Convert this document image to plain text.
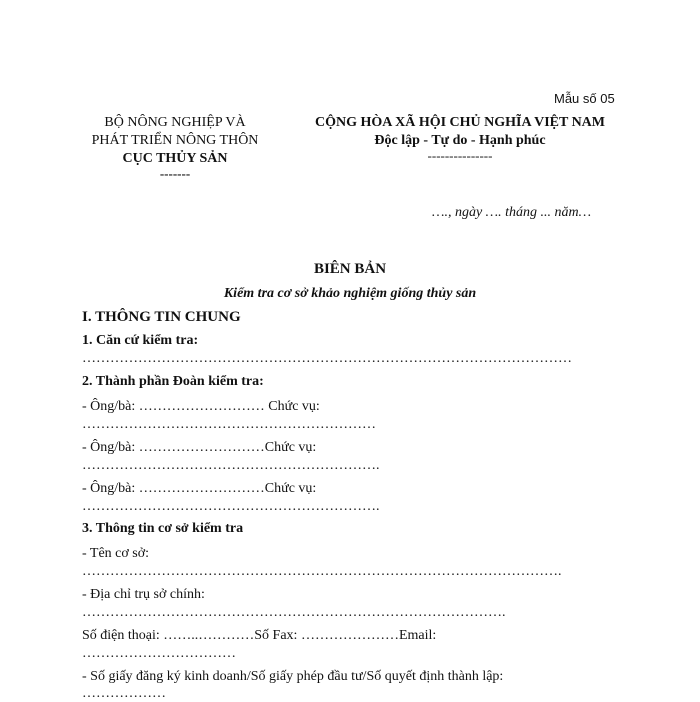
Mẫu số 05
BỘ NÔNG NGHIỆP VÀ
PHÁT TRIỂN NÔNG THÔN
CỤC THỦY SẢN
-------
CỘNG HÒA XÃ HỘI CHỦ NGHĨA VIỆT NAM
Độc lập - Tự do - Hạnh phúc
---------------
…., ngày …. tháng ... năm…
BIÊN BẢN
Kiểm tra cơ sở khảo nghiệm giống thủy sản
I. THÔNG TIN CHUNG
1. Căn cứ kiểm tra:
……………………………………………………………………………………………
2. Thành phần Đoàn kiểm tra:
- Ông/bà: ……………………… Chức vụ:
………………………………………………………
- Ông/bà: ………………………Chức vụ:
……………………………………………………….
- Ông/bà: ………………………Chức vụ:
……………………………………………………….
3. Thông tin cơ sở kiểm tra
- Tên cơ sở:
………………………………………………………………………………………….
- Địa chỉ trụ sở chính:
……………………………………………………………………………….
Số điện thoại: ……..…………Số Fax: …………………Email:
……………………………
- Số giấy đăng ký kinh doanh/Số giấy phép đầu tư/Số quyết định thành lập:
………………
